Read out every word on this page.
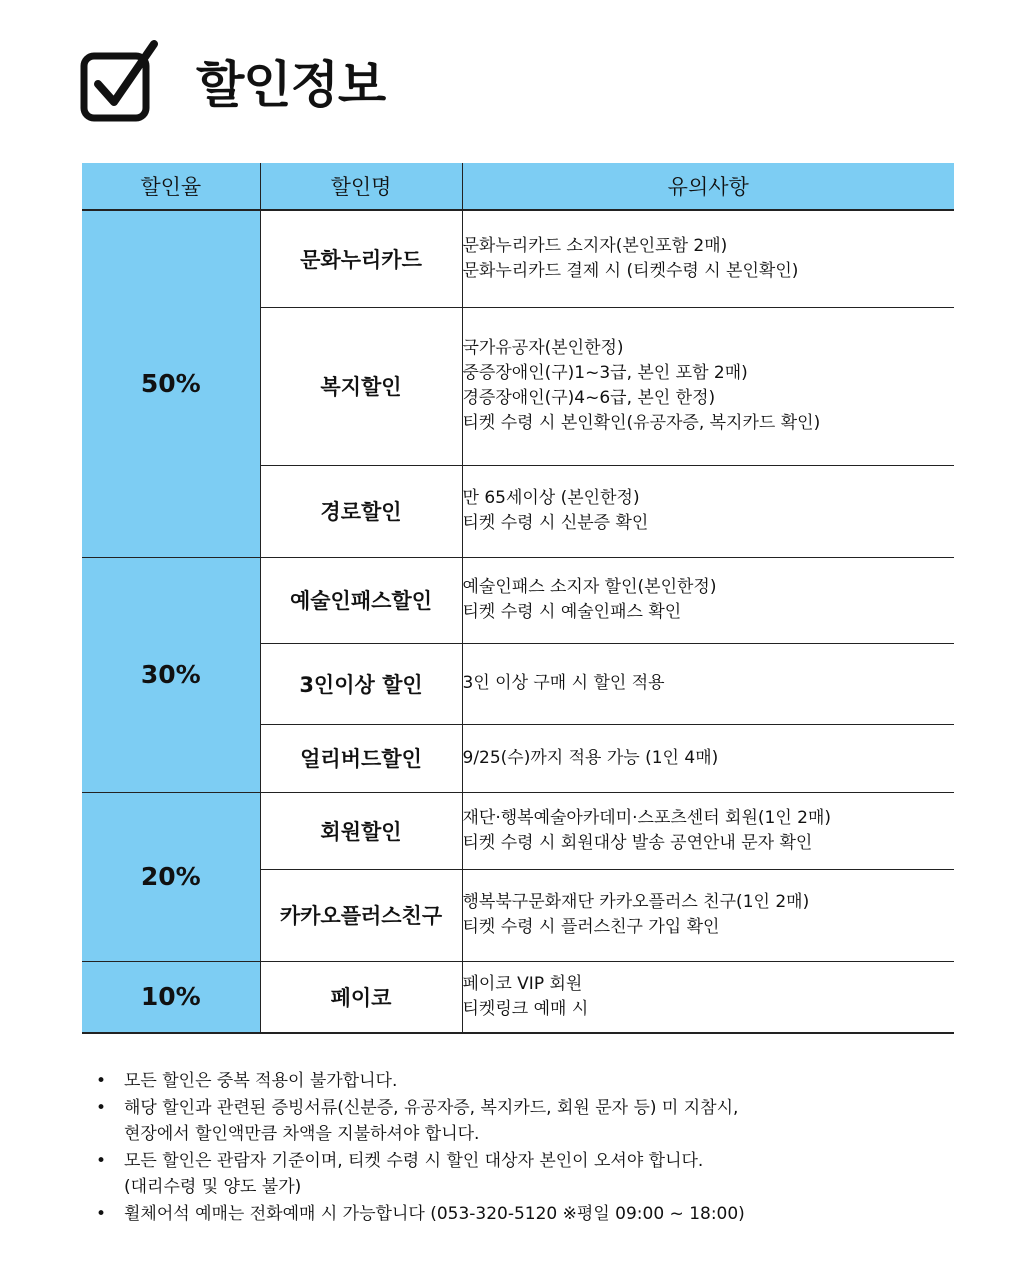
할인정보
할인율	할인명	유의사항
50%	문화누리카드	문화누리카드 소지자(본인포함 2매)
문화누리카드 결제 시 (티켓수령 시 본인확인)

	복지할인	국가유공자(본인한정)
중증장애인(구)1~3급, 본인 포함 2매)
경증장애인(구)4~6급, 본인 한정)
티켓 수령 시 본인확인(유공자증, 복지카드 확인)

	경로할인	만 65세이상 (본인한정)
티켓 수령 시 신분증 확인

30%	예술인패스할인	예술인패스 소지자 할인(본인한정)
티켓 수령 시 예술인패스 확인

	3인이상 할인	3인 이상 구매 시 할인 적용

	얼리버드할인	9/25(수)까지 적용 가능 (1인 4매)

20%	회원할인	재단·행복예술아카데미·스포츠센터 회원(1인 2매)
티켓 수령 시 회원대상 발송 공연안내 문자 확인

	카카오플러스친구	행복북구문화재단 카카오플러스 친구(1인 2매)
티켓 수령 시 플러스친구 가입 확인

10%	페이코	페이코 VIP 회원
티켓링크 예매 시
• 모든 할인은 중복 적용이 불가합니다.
• 해당 할인과 관련된 증빙서류(신분증, 유공자증, 복지카드, 회원 문자 등) 미 지참시,
현장에서 할인액만큼 차액을 지불하셔야 합니다.
• 모든 할인은 관람자 기준이며, 티켓 수령 시 할인 대상자 본인이 오셔야 합니다.
(대리수령 및 양도 불가)
• 휠체어석 예매는 전화예매 시 가능합니다 (053-320-5120 ※평일 09:00 ~ 18:00)
